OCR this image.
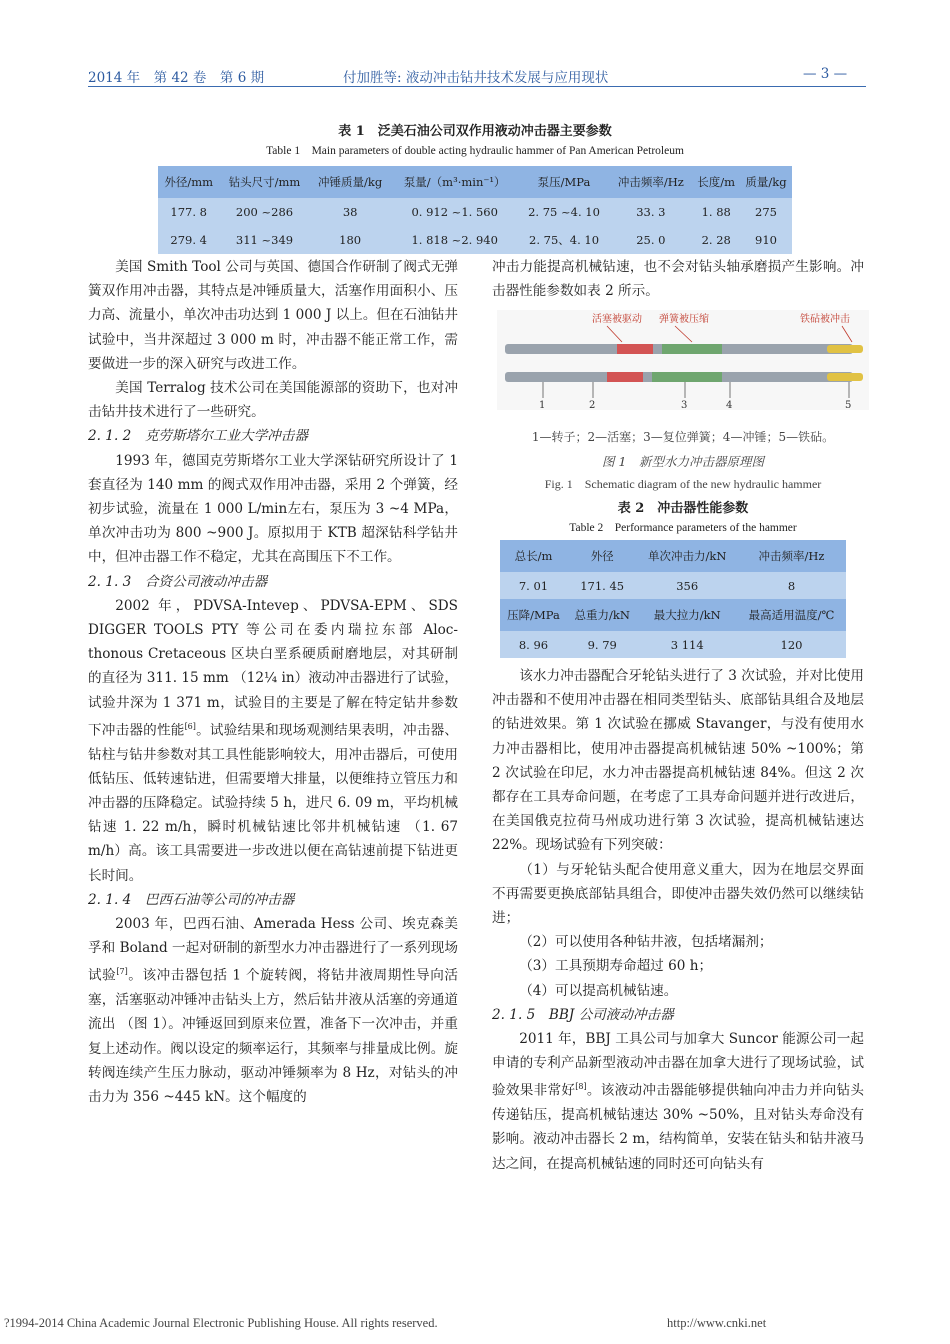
2014 年　第 42 卷　第 6 期	付加胜等: 液动冲击钻井技术发展与应用现状	— 3 —
表 1　泛美石油公司双作用液动冲击器主要参数
Table 1　Main parameters of double acting hydraulic hammer of Pan American Petroleum
外径/mm	钻头尺寸/mm	冲锤质量/kg	泵量/（m³·min⁻¹）	泵压/MPa	冲击频率/Hz	长度/m	质量/kg
177. 8	200 ~286	38	0. 912 ~1. 560	2. 75 ~4. 10	33. 3	1. 88	275
279. 4	311 ~349	180	1. 818 ~2. 940	2. 75、4. 10	25. 0	2. 28	910

美国 Smith Tool 公司与英国、德国合作研制了阀式无弹簧双作用冲击器，其特点是冲锤质量大，活塞作用面积小、压力高、流量小，单次冲击功达到 1 000 J 以上。但在石油钻井试验中，当井深超过 3 000 m 时，冲击器不能正常工作，需要做进一步的深入研究与改进工作。

美国 Terralog 技术公司在美国能源部的资助下，也对冲击钻井技术进行了一些研究。

2. 1. 2　克劳斯塔尔工业大学冲击器

1993 年，德国克劳斯塔尔工业大学深钻研究所设计了 1 套直径为 140 mm 的阀式双作用冲击器，采用 2 个弹簧，经初步试验，流量在 1 000 L/min左右，泵压为 3 ~4 MPa，单次冲击功为 800 ~900 J。原拟用于 KTB 超深钻科学钻井中，但冲击器工作不稳定，尤其在高围压下不工作。

2. 1. 3　合资公司液动冲击器

2002 年，PDVSA-Intevep、PDVSA-EPM、SDS DIGGER TOOLS PTY 等公司在委内瑞拉东部 Aloc-thonous Cretaceous 区块白垩系硬质耐磨地层，对其研制的直径为 311. 15 mm （12¼ in）液动冲击器进行了试验，试验井深为 1 371 m，试验目的主要是了解在特定钻井参数下冲击器的性能[6]。试验结果和现场观测结果表明，冲击器、钻柱与钻井参数对其工具性能影响较大，用冲击器后，可使用低钻压、低转速钻进，但需要增大排量，以便维持立管压力和冲击器的压降稳定。试验持续 5 h，进尺 6. 09 m，平均机械钻速 1. 22 m/h，瞬时机械钻速比邻井机械钻速 （1. 67 m/h）高。该工具需要进一步改进以便在高钻速前提下钻进更长时间。

2. 1. 4　巴西石油等公司的冲击器

2003 年，巴西石油、Amerada Hess 公司、埃克森美孚和 Boland 一起对研制的新型水力冲击器进行了一系列现场试验[7]。该冲击器包括 1 个旋转阀，将钻井液周期性导向活塞，活塞驱动冲锤冲击钻头上方，然后钻井液从活塞的旁通道流出 （图 1）。冲锤返回到原来位置，准备下一次冲击，并重复上述动作。阀以设定的频率运行，其频率与排量成比例。旋转阀连续产生压力脉动，驱动冲锤频率为 8 Hz，对钻头的冲击力为 356 ~445 kN。这个幅度的

冲击力能提高机械钻速，也不会对钻头轴承磨损产生影响。冲击器性能参数如表 2 所示。

活塞被驱动 弹簧被压缩	铁砧被冲击
1	2	3	4	5
1—转子；2—活塞；3—复位弹簧；4—冲锤；5—铁砧。
图 1　新型水力冲击器原理图
Fig. 1　Schematic diagram of the new hydraulic hammer
表 2　冲击器性能参数
Table 2　Performance parameters of the hammer
总长/m	外径	单次冲击力/kN	冲击频率/Hz
7. 01	171. 45	356	8
压降/MPa	总重力/kN	最大拉力/kN	最高适用温度/℃
8. 96	9. 79	3 114	120

该水力冲击器配合牙轮钻头进行了 3 次试验，并对比使用冲击器和不使用冲击器在相同类型钻头、底部钻具组合及地层的钻进效果。第 1 次试验在挪威 Stavanger，与没有使用水力冲击器相比，使用冲击器提高机械钻速 50% ~100%；第 2 次试验在印尼，水力冲击器提高机械钻速 84%。但这 2 次都存在工具寿命问题，在考虑了工具寿命问题并进行改进后，在美国俄克拉荷马州成功进行第 3 次试验，提高机械钻速达 22%。现场试验有下列突破：

（1）与牙轮钻头配合使用意义重大，因为在地层交界面不再需要更换底部钻具组合，即使冲击器失效仍然可以继续钻进；

（2）可以使用各种钻井液，包括堵漏剂；

（3）工具预期寿命超过 60 h；

（4）可以提高机械钻速。

2. 1. 5　BBJ 公司液动冲击器

2011 年，BBJ 工具公司与加拿大 Suncor 能源公司一起申请的专利产品新型液动冲击器在加拿大进行了现场试验，试验效果非常好[8]。该液动冲击器能够提供轴向冲击力并向钻头传递钻压，提高机械钻速达 30% ~50%，且对钻头寿命没有影响。液动冲击器长 2 m，结构简单，安装在钻头和钻井液马达之间，在提高机械钻速的同时还可向钻头有

?1994-2014 China Academic Journal Electronic Publishing House. All rights reserved.	http://www.cnki.net
